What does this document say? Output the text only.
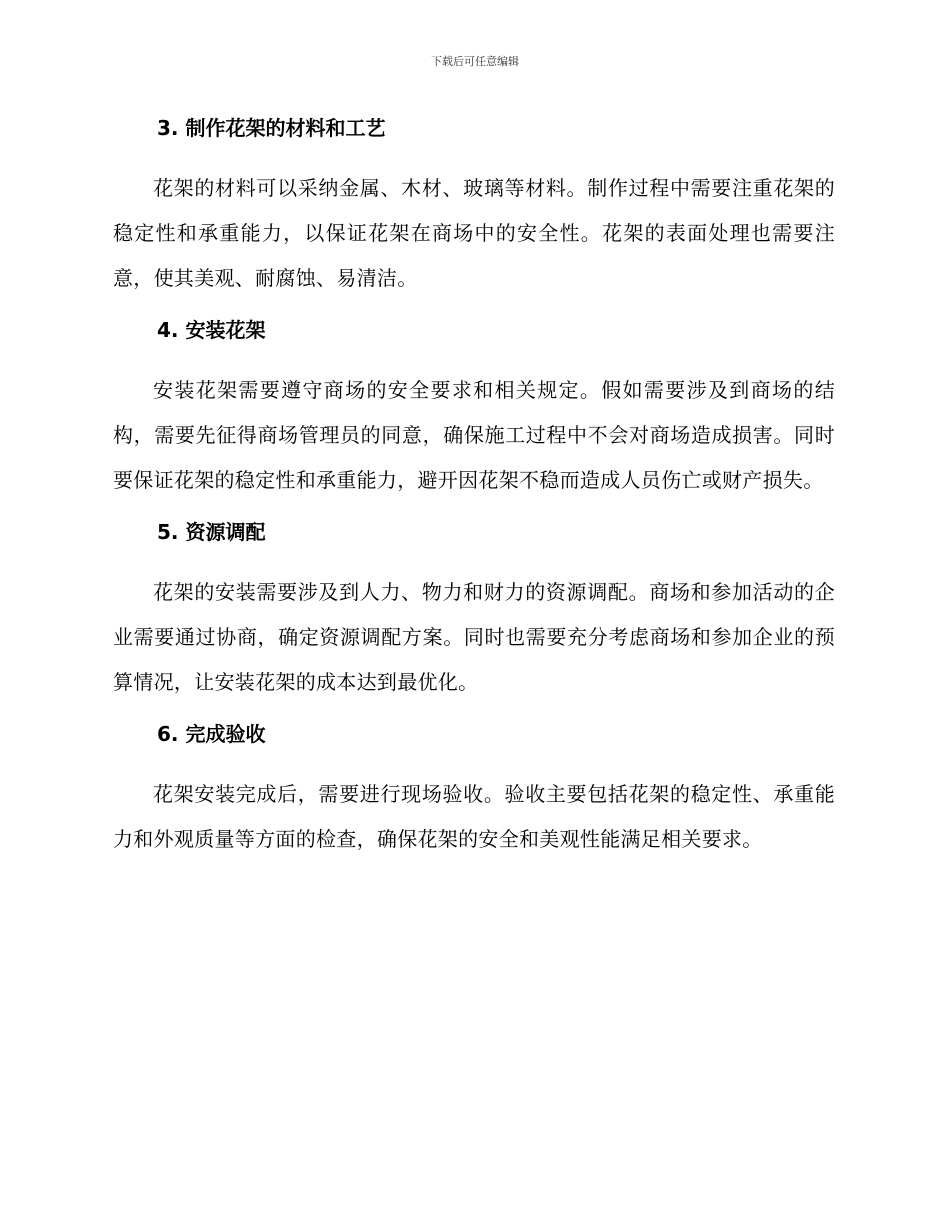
下载后可任意编辑
3. 制作花架的材料和工艺

花架的材料可以采纳金属、木材、玻璃等材料。制作过程中需要注重花架的稳定性和承重能力，以保证花架在商场中的安全性。花架的表面处理也需要注意，使其美观、耐腐蚀、易清洁。

4. 安装花架

安装花架需要遵守商场的安全要求和相关规定。假如需要涉及到商场的结构，需要先征得商场管理员的同意，确保施工过程中不会对商场造成损害。同时要保证花架的稳定性和承重能力，避开因花架不稳而造成人员伤亡或财产损失。

5. 资源调配

花架的安装需要涉及到人力、物力和财力的资源调配。商场和参加活动的企业需要通过协商，确定资源调配方案。同时也需要充分考虑商场和参加企业的预算情况，让安装花架的成本达到最优化。

6. 完成验收

花架安装完成后，需要进行现场验收。验收主要包括花架的稳定性、承重能力和外观质量等方面的检查，确保花架的安全和美观性能满足相关要求。
